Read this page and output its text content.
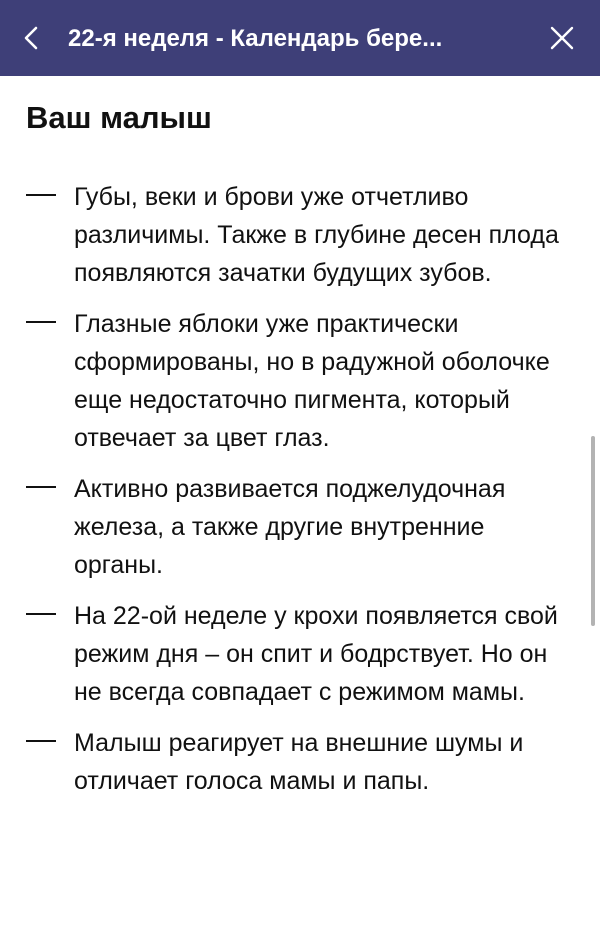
22-я неделя - Календарь бере...
Ваш малыш
Губы, веки и брови уже отчетливо различимы. Также в глубине десен плода появляются зачатки будущих зубов.
Глазные яблоки уже практически сформированы, но в радужной оболочке еще недостаточно пигмента, который отвечает за цвет глаз.
Активно развивается поджелудочная железа, а также другие внутренние органы.
На 22-ой неделе у крохи появляется свой режим дня – он спит и бодрствует. Но он не всегда совпадает с режимом мамы.
Малыш реагирует на внешние шумы и отличает голоса мамы и папы.
